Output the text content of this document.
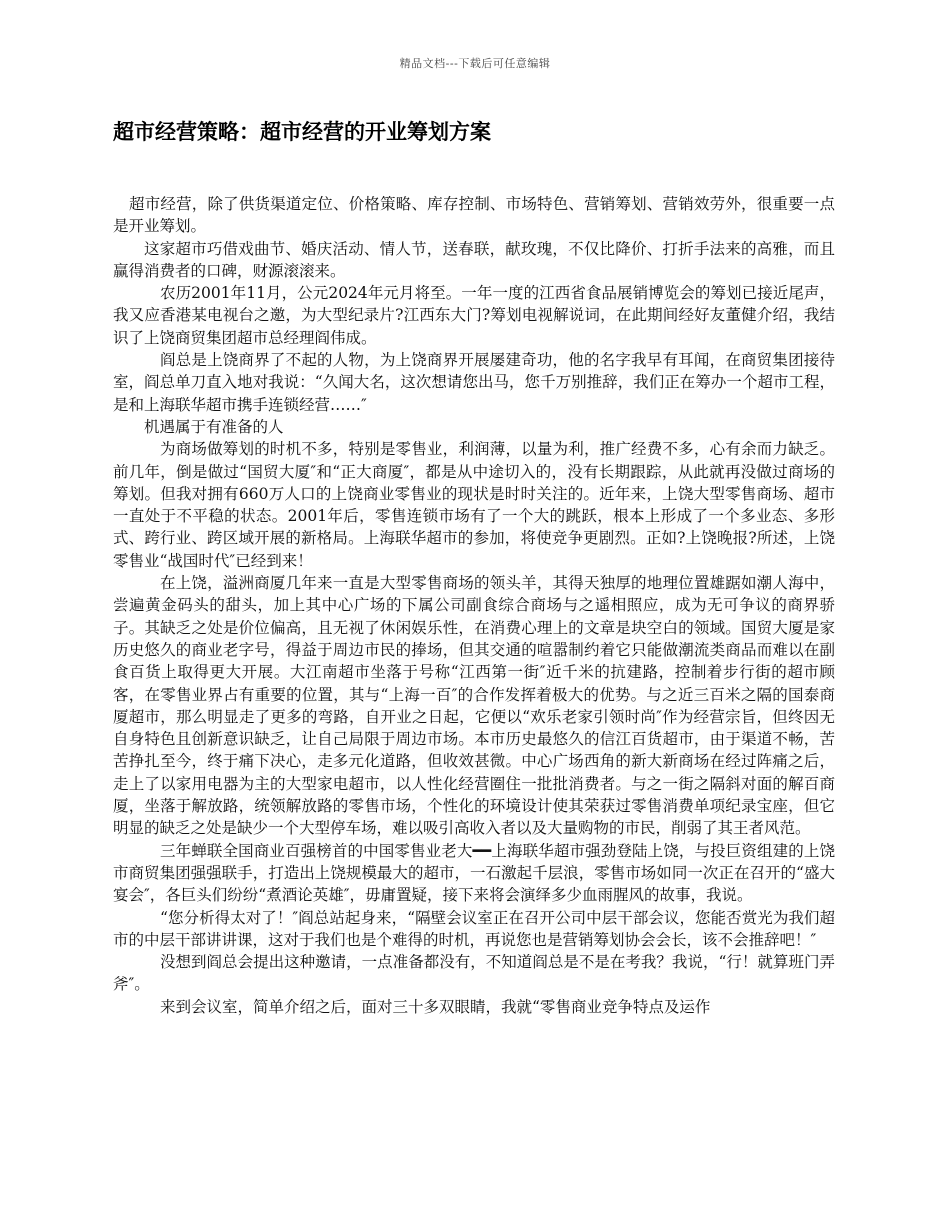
精品文档---下载后可任意编辑
超市经营策略：超市经营的开业筹划方案

超市经营，除了供货渠道定位、价格策略、库存控制、市场特色、营销筹划、营销效劳外，很重要一点是开业筹划。

这家超市巧借戏曲节、婚庆活动、情人节，送春联，献玫瑰，不仅比降价、打折手法来的高雅，而且赢得消费者的口碑，财源滚滚来。

农历2001年11月，公元2024年元月将至。一年一度的江西省食品展销博览会的筹划已接近尾声，我又应香港某电视台之邀，为大型纪录片?江西东大门?筹划电视解说词，在此期间经好友董健介绍，我结识了上饶商贸集团超市总经理阎伟成。

阎总是上饶商界了不起的人物，为上饶商界开展屡建奇功，他的名字我早有耳闻，在商贸集团接待室，阎总单刀直入地对我说：“久闻大名，这次想请您出马，您千万别推辞，我们正在筹办一个超市工程，是和上海联华超市携手连锁经营……″

机遇属于有准备的人

为商场做筹划的时机不多，特别是零售业，利润薄，以量为利，推广经费不多，心有余而力缺乏。前几年，倒是做过“国贸大厦″和“正大商厦″，都是从中途切入的，没有长期跟踪，从此就再没做过商场的筹划。但我对拥有660万人口的上饶商业零售业的现状是时时关注的。近年来，上饶大型零售商场、超市一直处于不平稳的状态。2001年后，零售连锁市场有了一个大的跳跃，根本上形成了一个多业态、多形式、跨行业、跨区域开展的新格局。上海联华超市的参加，将使竞争更剧烈。正如?上饶晚报?所述，上饶零售业“战国时代″已经到来！

在上饶，溢洲商厦几年来一直是大型零售商场的领头羊，其得天独厚的地理位置雄踞如潮人海中，尝遍黄金码头的甜头，加上其中心广场的下属公司副食综合商场与之遥相照应，成为无可争议的商界骄子。其缺乏之处是价位偏高，且无视了休闲娱乐性，在消费心理上的文章是块空白的领域。国贸大厦是家历史悠久的商业老字号，得益于周边市民的捧场，但其交通的喧嚣制约着它只能做潮流类商品而难以在副食百货上取得更大开展。大江南超市坐落于号称“江西第一街″近千米的抗建路，控制着步行街的超市顾客，在零售业界占有重要的位置，其与“上海一百″的合作发挥着极大的优势。与之近三百米之隔的国泰商厦超市，那么明显走了更多的弯路，自开业之日起，它便以“欢乐老家引领时尚″作为经营宗旨，但终因无自身特色且创新意识缺乏，让自己局限于周边市场。本市历史最悠久的信江百货超市，由于渠道不畅，苦苦挣扎至今，终于痛下决心，走多元化道路，但收效甚微。中心广场西角的新大新商场在经过阵痛之后，走上了以家用电器为主的大型家电超市，以人性化经营圈住一批批消费者。与之一街之隔斜对面的解百商厦，坐落于解放路，统领解放路的零售市场，个性化的环境设计使其荣获过零售消费单项纪录宝座，但它明显的缺乏之处是缺少一个大型停车场，难以吸引高收入者以及大量购物的市民，削弱了其王者风范。

三年蝉联全国商业百强榜首的中国零售业老大━━上海联华超市强劲登陆上饶，与投巨资组建的上饶市商贸集团强强联手，打造出上饶规模最大的超市，一石激起千层浪，零售市场如同一次正在召开的“盛大宴会″，各巨头们纷纷“煮酒论英雄″，毋庸置疑，接下来将会演绎多少血雨腥风的故事，我说。

“您分析得太对了！″阎总站起身来，“隔壁会议室正在召开公司中层干部会议，您能否赏光为我们超市的中层干部讲讲课，这对于我们也是个难得的时机，再说您也是营销筹划协会会长，该不会推辞吧！″

没想到阎总会提出这种邀请，一点准备都没有，不知道阎总是不是在考我？我说，“行！就算班门弄斧″。

来到会议室，简单介绍之后，面对三十多双眼睛，我就“零售商业竞争特点及运作
